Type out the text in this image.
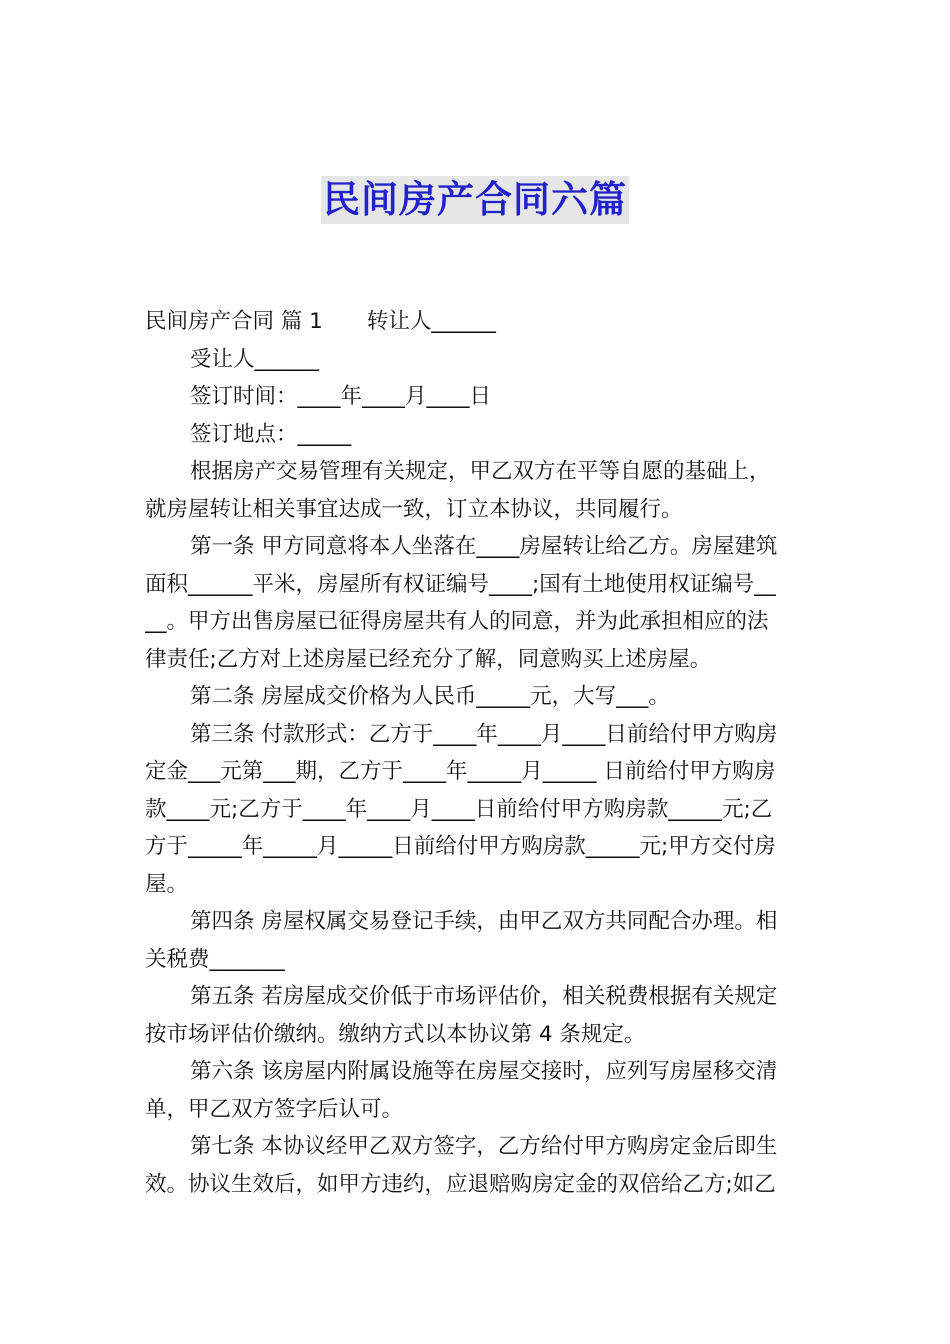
民间房产合同六篇
民间房产合同 篇 1 转让人______
受让人______
签订时间：____年____月____日
签订地点：_____
根据房产交易管理有关规定，甲乙双方在平等自愿的基础上，
就房屋转让相关事宜达成一致，订立本协议，共同履行。
第一条 甲方同意将本人坐落在____房屋转让给乙方。房屋建筑
面积______平米，房屋所有权证编号____;国有土地使用权证编号__
__。甲方出售房屋已征得房屋共有人的同意，并为此承担相应的法
律责任;乙方对上述房屋已经充分了解，同意购买上述房屋。
第二条 房屋成交价格为人民币_____元，大写___。
第三条 付款形式：乙方于____年____月____日前给付甲方购房
定金___元第___期，乙方于____年_____月_____ 日前给付甲方购房
款____元;乙方于____年____月____日前给付甲方购房款_____元;乙
方于_____年_____月_____日前给付甲方购房款_____元;甲方交付房
屋。
第四条 房屋权属交易登记手续，由甲乙双方共同配合办理。相
关税费_______
第五条 若房屋成交价低于市场评估价，相关税费根据有关规定
按市场评估价缴纳。缴纳方式以本协议第 4 条规定。
第六条 该房屋内附属设施等在房屋交接时，应列写房屋移交清
单，甲乙双方签字后认可。
第七条 本协议经甲乙双方签字，乙方给付甲方购房定金后即生
效。协议生效后，如甲方违约，应退赔购房定金的双倍给乙方;如乙
